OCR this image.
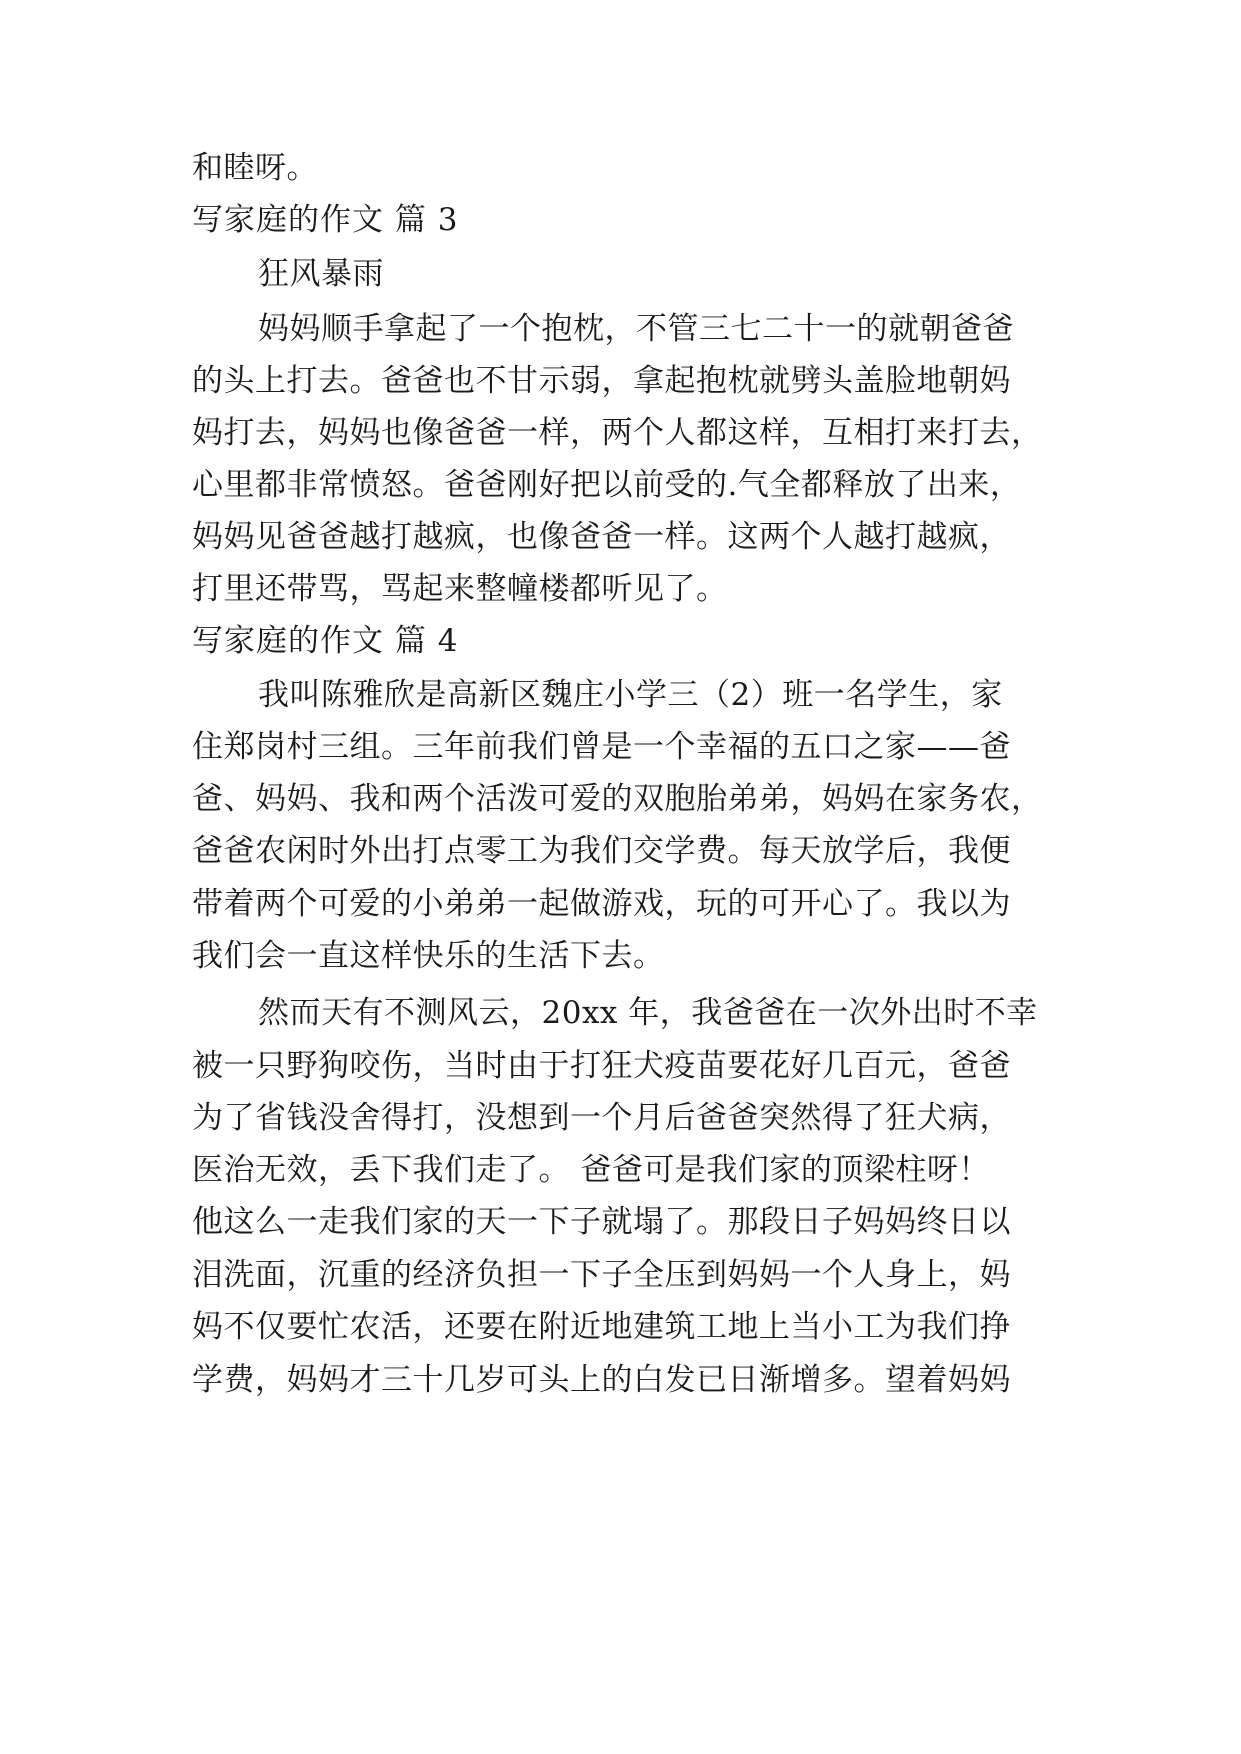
和睦呀。
写家庭的作文 篇 3
狂风暴雨
妈妈顺手拿起了一个抱枕，不管三七二十一的就朝爸爸
的头上打去。爸爸也不甘示弱，拿起抱枕就劈头盖脸地朝妈
妈打去，妈妈也像爸爸一样，两个人都这样，互相打来打去，
心里都非常愤怒。爸爸刚好把以前受的.气全都释放了出来，
妈妈见爸爸越打越疯，也像爸爸一样。这两个人越打越疯，
打里还带骂，骂起来整幢楼都听见了。
写家庭的作文 篇 4
我叫陈雅欣是高新区魏庄小学三（2）班一名学生，家
住郑岗村三组。三年前我们曾是一个幸福的五口之家——爸
爸、妈妈、我和两个活泼可爱的双胞胎弟弟，妈妈在家务农，
爸爸农闲时外出打点零工为我们交学费。每天放学后，我便
带着两个可爱的小弟弟一起做游戏，玩的可开心了。我以为
我们会一直这样快乐的生活下去。
然而天有不测风云，20xx 年，我爸爸在一次外出时不幸
被一只野狗咬伤，当时由于打狂犬疫苗要花好几百元，爸爸
为了省钱没舍得打，没想到一个月后爸爸突然得了狂犬病，
医治无效，丢下我们走了。 爸爸可是我们家的顶梁柱呀！
他这么一走我们家的天一下子就塌了。那段日子妈妈终日以
泪洗面，沉重的经济负担一下子全压到妈妈一个人身上，妈
妈不仅要忙农活，还要在附近地建筑工地上当小工为我们挣
学费，妈妈才三十几岁可头上的白发已日渐增多。望着妈妈
